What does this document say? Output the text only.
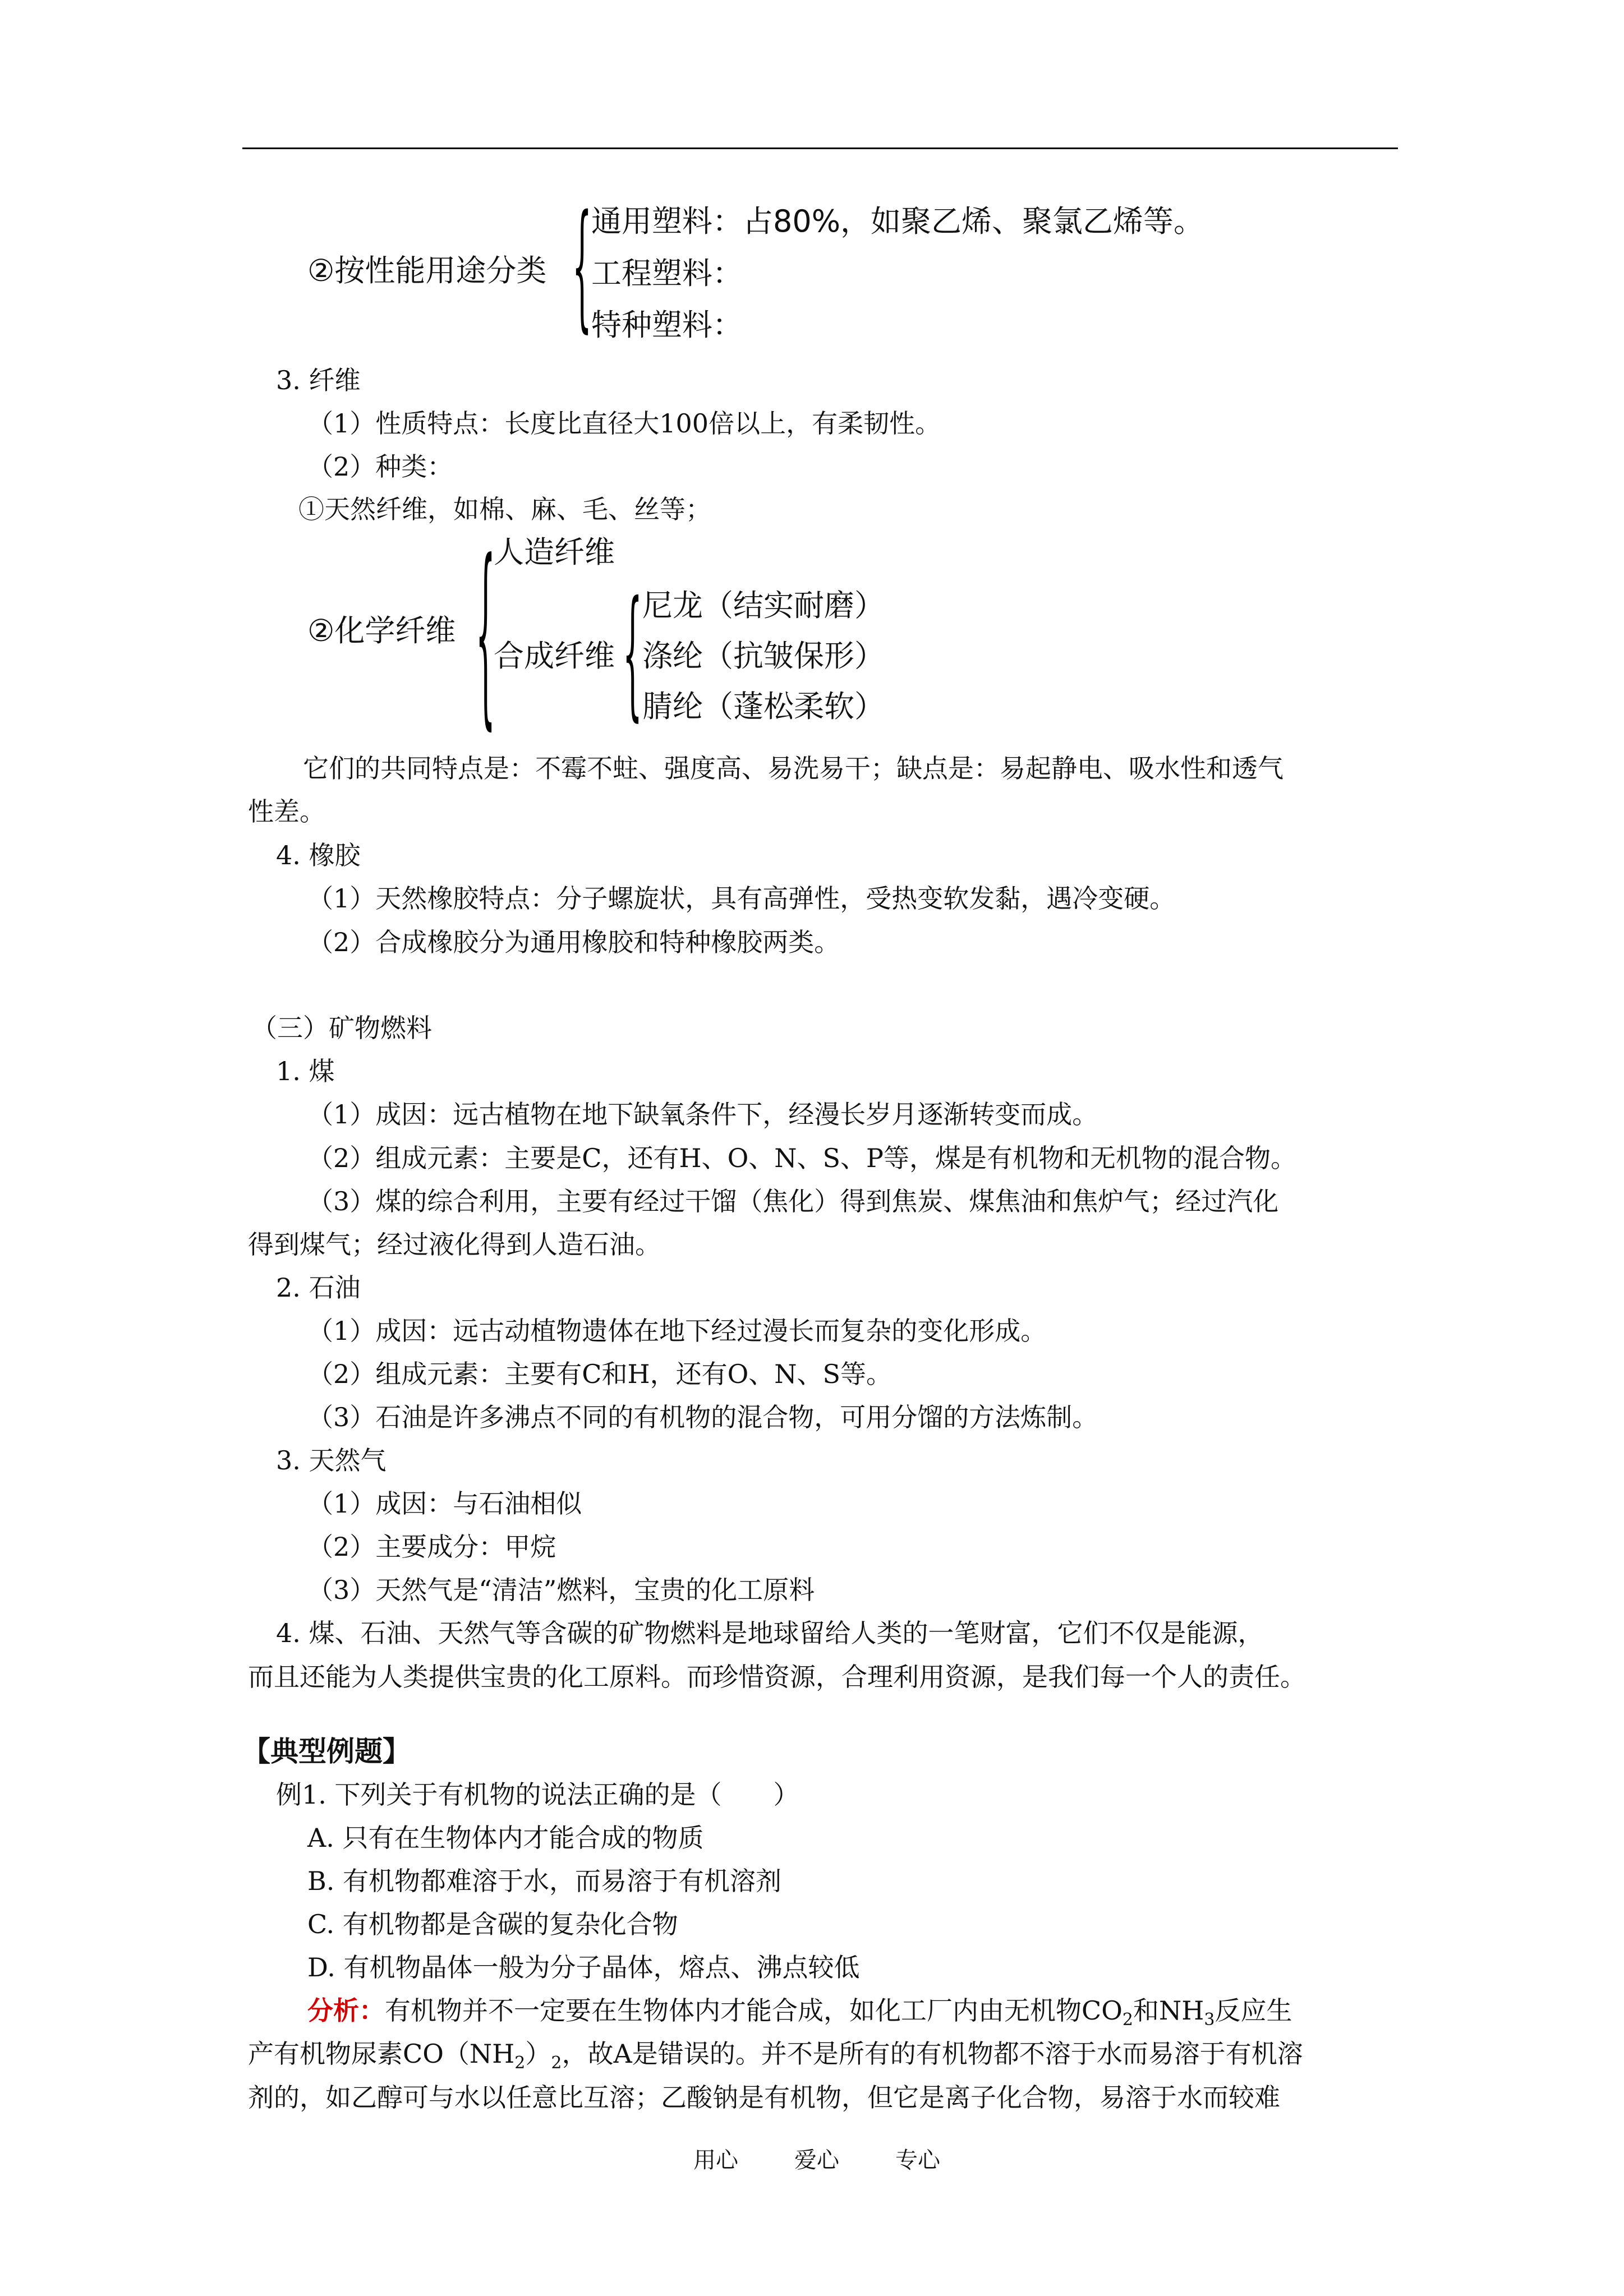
②按性能用途分类 { 通用塑料：占80%，如聚乙烯、聚氯乙烯等。
工程塑料：
特种塑料：
3. 纤维
（1）性质特点：长度比直径大100倍以上，有柔韧性。
（2）种类：
①天然纤维，如棉、麻、毛、丝等；
②化学纤维 {
人造纤维
合成纤维 { 尼龙（结实耐磨）
涤纶（抗皱保形）
腈纶（蓬松柔软）
它们的共同特点是：不霉不蛀、强度高、易洗易干；缺点是：易起静电、吸水性和透气
性差。
4. 橡胶
（1）天然橡胶特点：分子螺旋状，具有高弹性，受热变软发黏，遇冷变硬。
（2）合成橡胶分为通用橡胶和特种橡胶两类。
（三）矿物燃料
1. 煤
（1）成因：远古植物在地下缺氧条件下，经漫长岁月逐渐转变而成。
（2）组成元素：主要是C，还有H、O、N、S、P等，煤是有机物和无机物的混合物。
（3）煤的综合利用，主要有经过干馏（焦化）得到焦炭、煤焦油和焦炉气；经过汽化
得到煤气；经过液化得到人造石油。
2. 石油
（1）成因：远古动植物遗体在地下经过漫长而复杂的变化形成。
（2）组成元素：主要有C和H，还有O、N、S等。
（3）石油是许多沸点不同的有机物的混合物，可用分馏的方法炼制。
3. 天然气
（1）成因：与石油相似
（2）主要成分：甲烷
（3）天然气是“清洁”燃料，宝贵的化工原料
4. 煤、石油、天然气等含碳的矿物燃料是地球留给人类的一笔财富，它们不仅是能源，
而且还能为人类提供宝贵的化工原料。而珍惜资源，合理利用资源，是我们每一个人的责任。
【典型例题】
例1. 下列关于有机物的说法正确的是（　　）
A. 只有在生物体内才能合成的物质
B. 有机物都难溶于水，而易溶于有机溶剂
C. 有机物都是含碳的复杂化合物
D. 有机物晶体一般为分子晶体，熔点、沸点较低
分析：有机物并不一定要在生物体内才能合成，如化工厂内由无机物$CO_2$和$NH_3$反应生
产有机物尿素$CO(NH_2)_2$，故A是错误的。并不是所有的有机物都不溶于水而易溶于有机溶
剂的，如乙醇可与水以任意比互溶；乙酸钠是有机物，但它是离子化合物，易溶于水而较难
用心	爱心	专心
